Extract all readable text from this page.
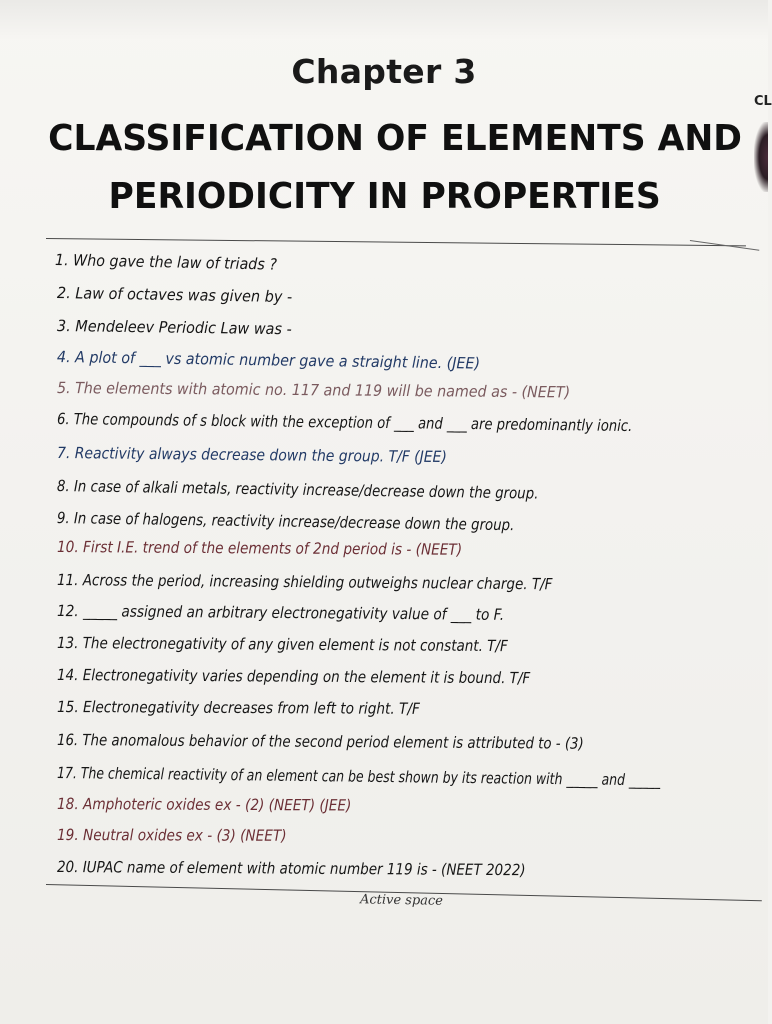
Chapter 3
CLASSIFICATION OF ELEMENTS AND
PERIODICITY IN PROPERTIES
CL
1. Who gave the law of triads ?
2. Law of octaves was given by -
3. Mendeleev Periodic Law was -
4. A plot of ___ vs atomic number gave a straight line. (JEE)
5. The elements with atomic no. 117 and 119 will be named as - (NEET)
6. The compounds of s block with the exception of ___ and ___ are predominantly ionic.
7. Reactivity always decrease down the group. T/F (JEE)
8. In case of alkali metals, reactivity increase/decrease down the group.
9. In case of halogens, reactivity increase/decrease down the group.
10. First I.E. trend of the elements of 2nd period is - (NEET)
11. Across the period, increasing shielding outweighs nuclear charge. T/F
12. _____ assigned an arbitrary electronegativity value of ___ to F.
13. The electronegativity of any given element is not constant. T/F
14. Electronegativity varies depending on the element it is bound. T/F
15. Electronegativity decreases from left to right. T/F
16. The anomalous behavior of the second period element is attributed to - (3)
17. The chemical reactivity of an element can be best shown by its reaction with _____ and _____
18. Amphoteric oxides ex - (2) (NEET) (JEE)
19. Neutral oxides ex - (3) (NEET)
20. IUPAC name of element with atomic number 119 is - (NEET 2022)
Active space
